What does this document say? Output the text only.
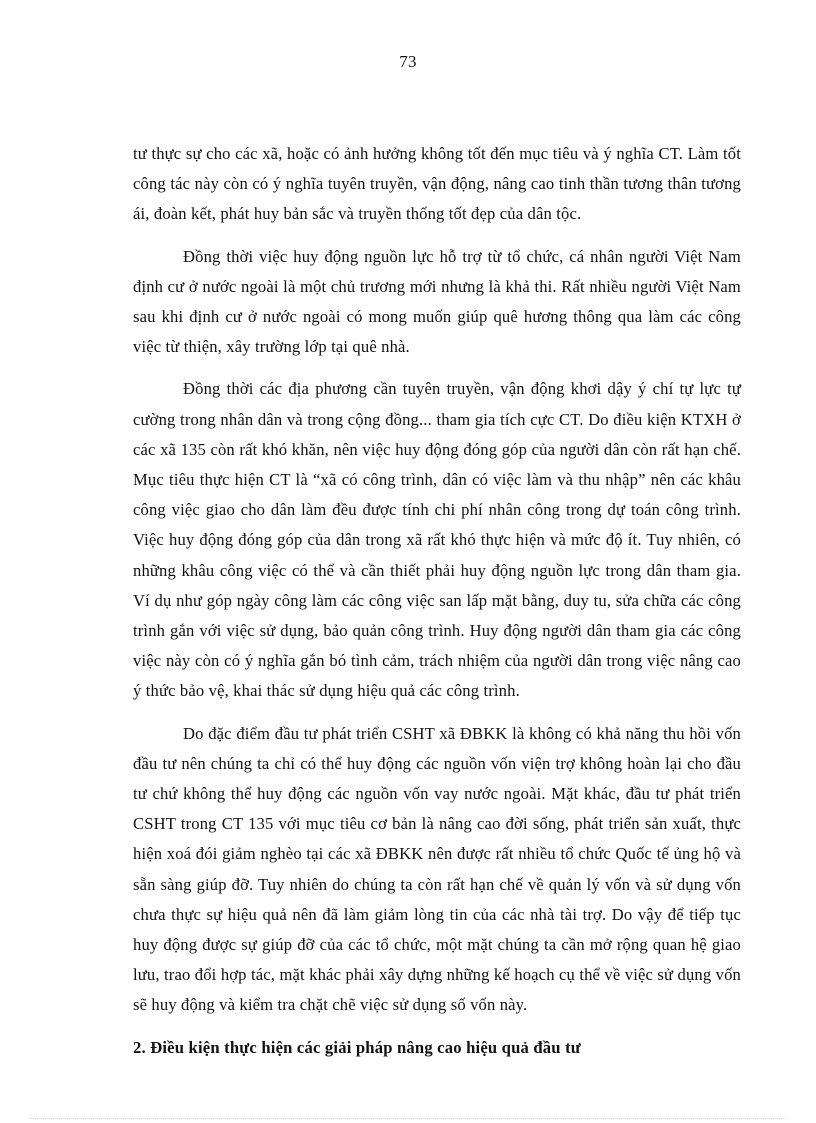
73

tư thực sự cho các xã, hoặc có ảnh hưởng không tốt đến mục tiêu và ý nghĩa CT. Làm tốt công tác này còn có ý nghĩa tuyên truyền, vận động, nâng cao tinh thần tương thân tương ái, đoàn kết, phát huy bản sắc và truyền thống tốt đẹp của dân tộc.

Đồng thời việc huy động nguồn lực hỗ trợ từ tổ chức, cá nhân người Việt Nam định cư ở nước ngoài là một chủ trương mới nhưng là khả thi. Rất nhiều người Việt Nam sau khi định cư ở nước ngoài có mong muốn giúp quê hương thông qua làm các công việc từ thiện, xây trường lớp tại quê nhà.

Đồng thời các địa phương cần tuyên truyền, vận động khơi dậy ý chí tự lực tự cường trong nhân dân và trong cộng đồng... tham gia tích cực CT. Do điều kiện KTXH ở các xã 135 còn rất khó khăn, nên việc huy động đóng góp của người dân còn rất hạn chế. Mục tiêu thực hiện CT là “xã có công trình, dân có việc làm và thu nhập” nên các khâu công việc giao cho dân làm đều được tính chi phí nhân công trong dự toán công trình. Việc huy động đóng góp của dân trong xã rất khó thực hiện và mức độ ít. Tuy nhiên, có những khâu công việc có thể và cần thiết phải huy động nguồn lực trong dân tham gia. Ví dụ như góp ngày công làm các công việc san lấp mặt bằng, duy tu, sửa chữa các công trình gắn với việc sử dụng, bảo quản công trình. Huy động người dân tham gia các công việc này còn có ý nghĩa gắn bó tình cảm, trách nhiệm của người dân trong việc nâng cao ý thức bảo vệ, khai thác sử dụng hiệu quả các công trình.

Do đặc điểm đầu tư phát triển CSHT xã ĐBKK là không có khả năng thu hồi vốn đầu tư nên chúng ta chỉ có thể huy động các nguồn vốn viện trợ không hoàn lại cho đầu tư chứ không thể huy động các nguồn vốn vay nước ngoài. Mặt khác, đầu tư phát triển CSHT trong CT 135 với mục tiêu cơ bản là nâng cao đời sống, phát triển sản xuất, thực hiện xoá đói giảm nghèo tại các xã ĐBKK nên được rất nhiều tổ chức Quốc tế ủng hộ và sẵn sàng giúp đỡ. Tuy nhiên do chúng ta còn rất hạn chế về quản lý vốn và sử dụng vốn chưa thực sự hiệu quả nên đã làm giảm lòng tin của các nhà tài trợ. Do vậy để tiếp tục huy động được sự giúp đỡ của các tổ chức, một mặt chúng ta cần mở rộng quan hệ giao lưu, trao đổi hợp tác, mặt khác phải xây dựng những kế hoạch cụ thể về việc sử dụng vốn sẽ huy động và kiểm tra chặt chẽ việc sử dụng số vốn này.

2. Điều kiện thực hiện các giải pháp nâng cao hiệu quả đầu tư
